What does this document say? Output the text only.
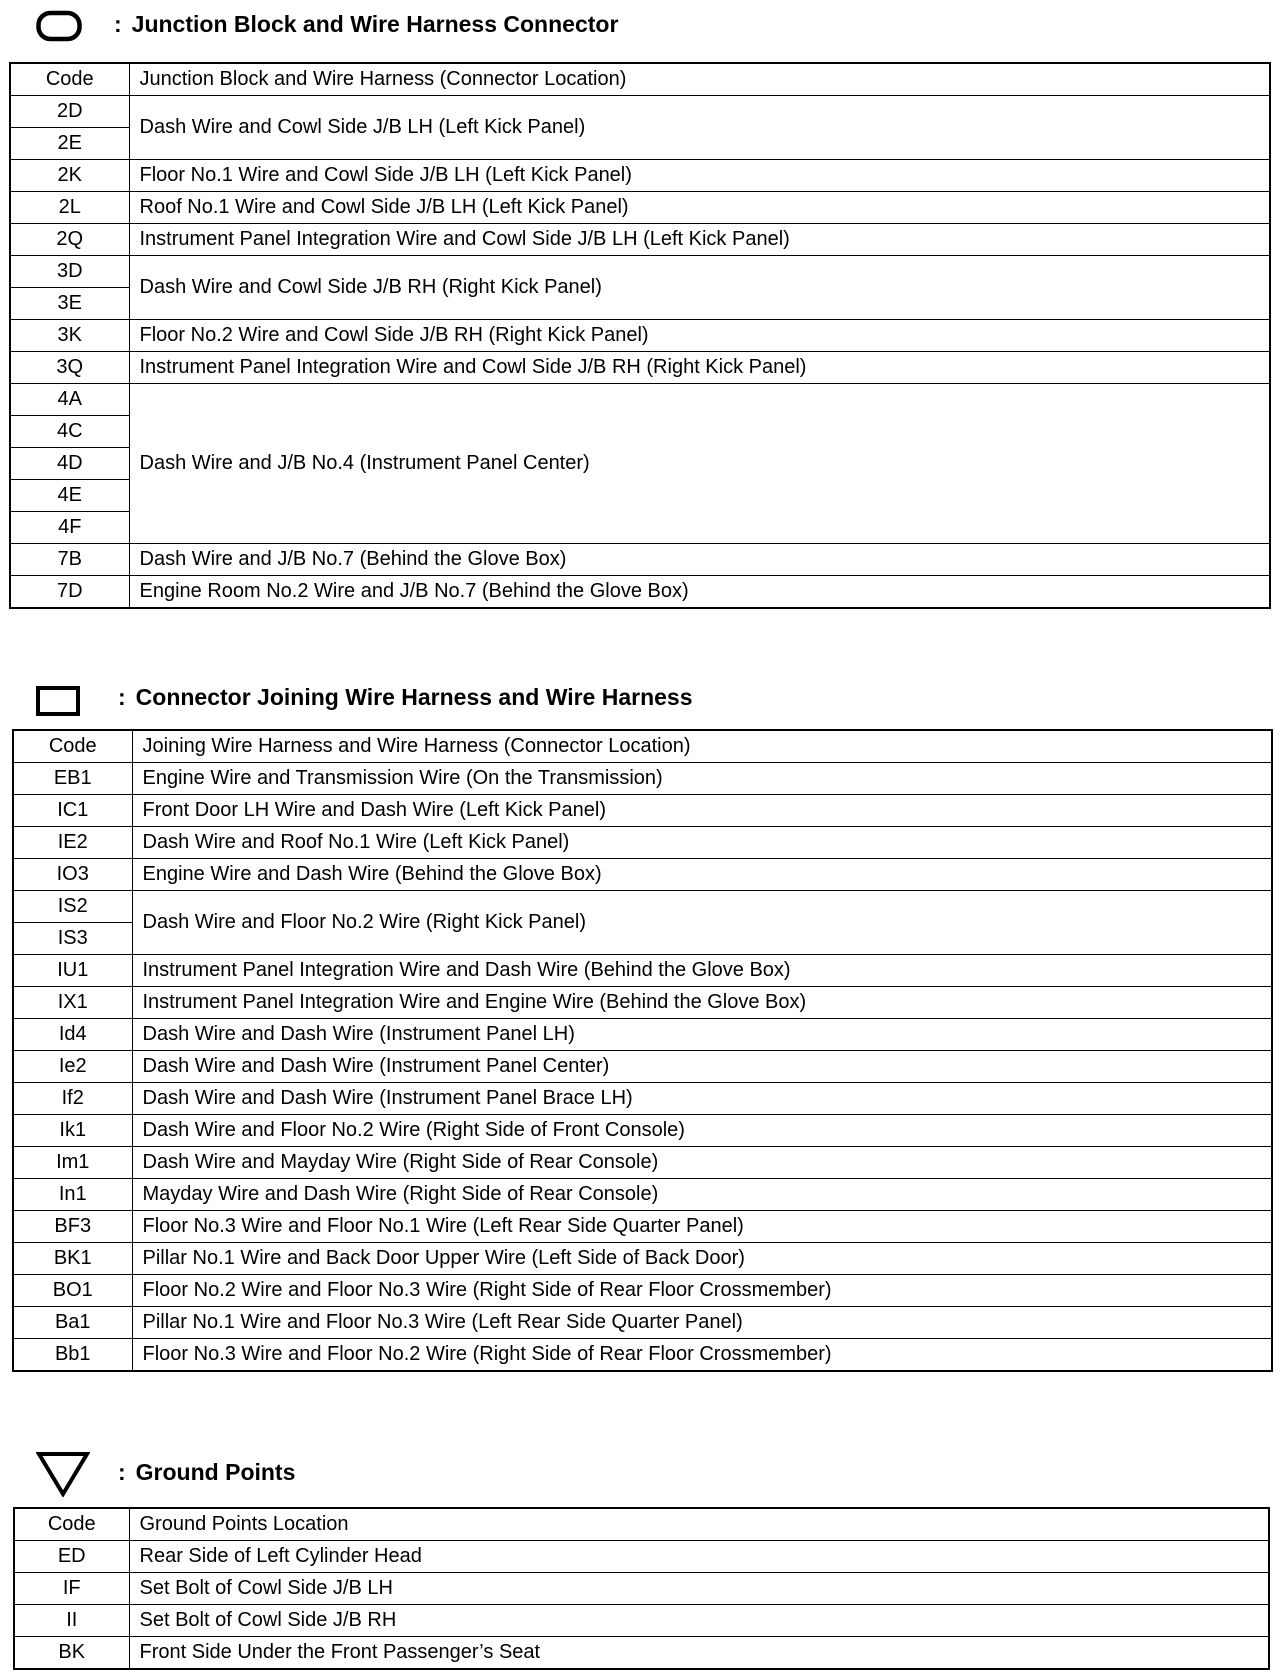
: Junction Block and Wire Harness Connector
Code	Junction Block and Wire Harness (Connector Location)
2D	Dash Wire and Cowl Side J/B LH (Left Kick Panel)
2E	
2K	Floor No.1 Wire and Cowl Side J/B LH (Left Kick Panel)
2L	Roof No.1 Wire and Cowl Side J/B LH (Left Kick Panel)
2Q	Instrument Panel Integration Wire and Cowl Side J/B LH (Left Kick Panel)
3D	Dash Wire and Cowl Side J/B RH (Right Kick Panel)
3E	
3K	Floor No.2 Wire and Cowl Side J/B RH (Right Kick Panel)
3Q	Instrument Panel Integration Wire and Cowl Side J/B RH (Right Kick Panel)
4A	Dash Wire and J/B No.4 (Instrument Panel Center)
4C	
4D	
4E	
4F	
7B	Dash Wire and J/B No.7 (Behind the Glove Box)
7D	Engine Room No.2 Wire and J/B No.7 (Behind the Glove Box)
: Connector Joining Wire Harness and Wire Harness
Code	Joining Wire Harness and Wire Harness (Connector Location)
EB1	Engine Wire and Transmission Wire (On the Transmission)
IC1	Front Door LH Wire and Dash Wire (Left Kick Panel)
IE2	Dash Wire and Roof No.1 Wire (Left Kick Panel)
IO3	Engine Wire and Dash Wire (Behind the Glove Box)
IS2	Dash Wire and Floor No.2 Wire (Right Kick Panel)
IS3	
IU1	Instrument Panel Integration Wire and Dash Wire (Behind the Glove Box)
IX1	Instrument Panel Integration Wire and Engine Wire (Behind the Glove Box)
Id4	Dash Wire and Dash Wire (Instrument Panel LH)
Ie2	Dash Wire and Dash Wire (Instrument Panel Center)
If2	Dash Wire and Dash Wire (Instrument Panel Brace LH)
Ik1	Dash Wire and Floor No.2 Wire (Right Side of Front Console)
Im1	Dash Wire and Mayday Wire (Right Side of Rear Console)
In1	Mayday Wire and Dash Wire (Right Side of Rear Console)
BF3	Floor No.3 Wire and Floor No.1 Wire (Left Rear Side Quarter Panel)
BK1	Pillar No.1 Wire and Back Door Upper Wire (Left Side of Back Door)
BO1	Floor No.2 Wire and Floor No.3 Wire (Right Side of Rear Floor Crossmember)
Ba1	Pillar No.1 Wire and Floor No.3 Wire (Left Rear Side Quarter Panel)
Bb1	Floor No.3 Wire and Floor No.2 Wire (Right Side of Rear Floor Crossmember)
: Ground Points
Code	Ground Points Location
ED	Rear Side of Left Cylinder Head
IF	Set Bolt of Cowl Side J/B LH
II	Set Bolt of Cowl Side J/B RH
BK	Front Side Under the Front Passenger’s Seat
